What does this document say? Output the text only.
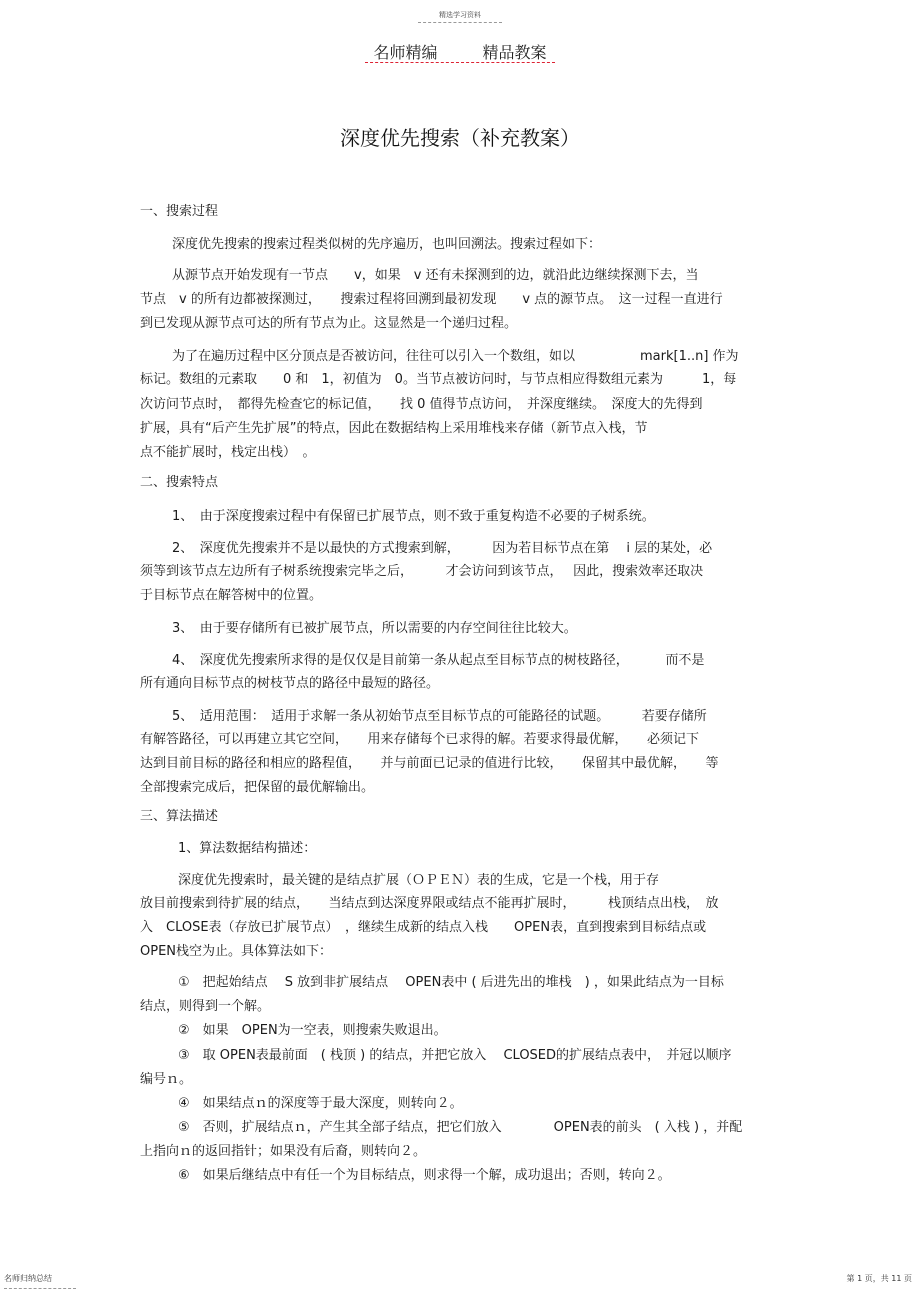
精选学习资料
名师精编	精品教案
深度优先搜索（补充教案）
一、搜索过程
深度优先搜索的搜索过程类似树的先序遍历，也叫回溯法。搜索过程如下：
从源节点开始发现有一节点　　v，如果　v 还有未探测到的边，就沿此边继续探测下去，当
节点　v 的所有边都被探测过，　　搜索过程将回溯到最初发现　　v 点的源节点。　这一过程一直进行
到已发现从源节点可达的所有节点为止。这显然是一个递归过程。
为了在遍历过程中区分顶点是否被访问，往往可以引入一个数组，如以　　　　　mark[1..n] 作为
标记。数组的元素取　　0 和　1，初值为　0。当节点被访问时，与节点相应得数组元素为　　　1，每
次访问节点时，　都得先检查它的标记值，　　找 0 值得节点访问，　并深度继续。　深度大的先得到
扩展，具有“后产生先扩展”的特点，因此在数据结构上采用堆栈来存储（新节点入栈，节
点不能扩展时，栈定出栈）　。
二、搜索特点
1、　由于深度搜索过程中有保留已扩展节点，则不致于重复构造不必要的子树系统。
2、　深度优先搜索并不是以最快的方式搜索到解，　　　因为若目标节点在第　 i 层的某处，必
须等到该节点左边所有子树系统搜索完毕之后，　　　才会访问到该节点，　 因此，搜索效率还取决
于目标节点在解答树中的位置。
3、　由于要存储所有已被扩展节点，所以需要的内存空间往往比较大。
4、　深度优先搜索所求得的是仅仅是目前第一条从起点至目标节点的树枝路径，　　　 而不是
所有通向目标节点的树枝节点的路径中最短的路径。
5、　适用范围：　适用于求解一条从初始节点至目标节点的可能路径的试题。　　　若要存储所
有解答路径，可以再建立其它空间，　　用来存储每个已求得的解。若要求得最优解，　　必须记下
达到目前目标的路径和相应的路程值，　　并与前面已记录的值进行比较，　　保留其中最优解，　　等
全部搜索完成后，把保留的最优解输出。
三、算法描述
1、算法数据结构描述：
深度优先搜索时，最关键的是结点扩展（ＯＰＥＮ）表的生成，它是一个栈，用于存
放目前搜索到待扩展的结点，　　当结点到达深度界限或结点不能再扩展时，　　　栈顶结点出栈，　放
入　CLOSE表（存放已扩展节点）　，继续生成新的结点入栈　　OPEN表，直到搜索到目标结点或
OPEN栈空为止。具体算法如下：
①　把起始结点　 S 放到非扩展结点　 OPEN表中 ( 后进先出的堆栈　) ，如果此结点为一目标
结点，则得到一个解。
②　如果　OPEN为一空表，则搜索失败退出。
③　取 OPEN表最前面　( 栈顶 ) 的结点，并把它放入　 CLOSED的扩展结点表中，　并冠以顺序
编号ｎ。
④　如果结点ｎ的深度等于最大深度，则转向２。
⑤　否则，扩展结点ｎ，产生其全部子结点，把它们放入　　　　OPEN表的前头　( 入栈 ) ，并配
上指向ｎ的返回指针；如果没有后裔，则转向２。
⑥　如果后继结点中有任一个为目标结点，则求得一个解，成功退出；否则，转向２。
名师归纳总结	第 1 页，共 11 页
